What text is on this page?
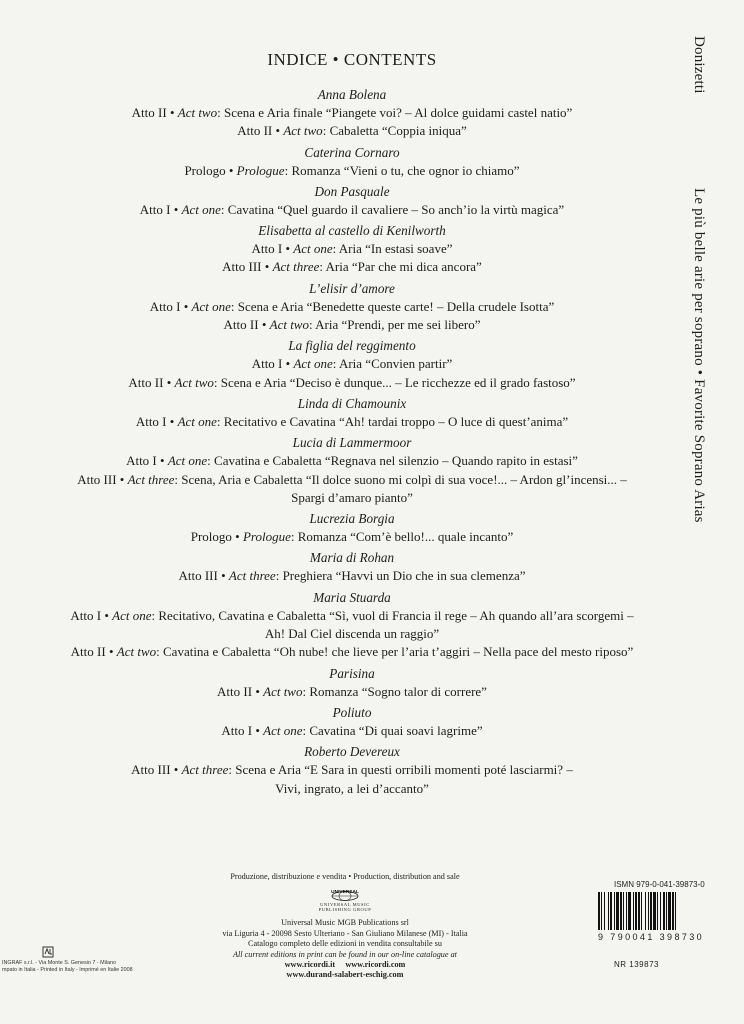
INDICE • CONTENTS
Anna Bolena
Atto II • Act two: Scena e Aria finale “Piangete voi? – Al dolce guidami castel natio”
Atto II • Act two: Cabaletta “Coppia iniqua”
Caterina Cornaro
Prologo • Prologue: Romanza “Vieni o tu, che ognor io chiamo”
Don Pasquale
Atto I • Act one: Cavatina “Quel guardo il cavaliere – So anch’io la virtù magica”
Elisabetta al castello di Kenilworth
Atto I • Act one: Aria “In estasi soave”
Atto III • Act three: Aria “Par che mi dica ancora”
L’elisir d’amore
Atto I • Act one: Scena e Aria “Benedette queste carte! – Della crudele Isotta”
Atto II • Act two: Aria “Prendi, per me sei libero”
La figlia del reggimento
Atto I • Act one: Aria “Convien partir”
Atto II • Act two: Scena e Aria “Deciso è dunque... – Le ricchezze ed il grado fastoso”
Linda di Chamounix
Atto I • Act one: Recitativo e Cavatina “Ah! tardai troppo – O luce di quest’anima”
Lucia di Lammermoor
Atto I • Act one: Cavatina e Cabaletta “Regnava nel silenzio – Quando rapito in estasi”
Atto III • Act three: Scena, Aria e Cabaletta “Il dolce suono mi colpì di sua voce!... – Ardon gl’incensi... –
Spargi d’amaro pianto”
Lucrezia Borgia
Prologo • Prologue: Romanza “Com’è bello!... quale incanto”
Maria di Rohan
Atto III • Act three: Preghiera “Havvi un Dio che in sua clemenza”
Maria Stuarda
Atto I • Act one: Recitativo, Cavatina e Cabaletta “Sì, vuol di Francia il rege – Ah quando all’ara scorgemi –
Ah! Dal Ciel discenda un raggio”
Atto II • Act two: Cavatina e Cabaletta “Oh nube! che lieve per l’aria t’aggiri – Nella pace del mesto riposo”
Parisina
Atto II • Act two: Romanza “Sogno talor di correre”
Poliuto
Atto I • Act one: Cavatina “Di quai soavi lagrime”
Roberto Devereux
Atto III • Act three: Scena e Aria “E Sara in questi orribili momenti poté lasciarmi? –
Vivi, ingrato, a lei d’accanto”
Donizetti
Le più belle arie per soprano • Favorite Soprano Arias
Produzione, distribuzione e vendita • Production, distribution and sale
UNIVERSAL
UNIVERSAL MUSIC
PUBLISHING GROUP
Universal Music MGB Publications srl
via Liguria 4 - 20098 Sesto Ulteriano - San Giuliano Milanese (MI) - Italia
Catalogo completo delle edizioni in vendita consultabile su
All current editions in print can be found in our on-line catalogue at
www.ricordi.it     www.ricordi.com
www.durand-salabert-eschig.com
INGRAF s.r.l. - Via Monte S. Genesio 7 - Milano
mpato in Italia - Printed in Italy - Imprimé en Italie 2008
ISMN 979-0-041-39873-0
9 790041 398730
NR 139873
